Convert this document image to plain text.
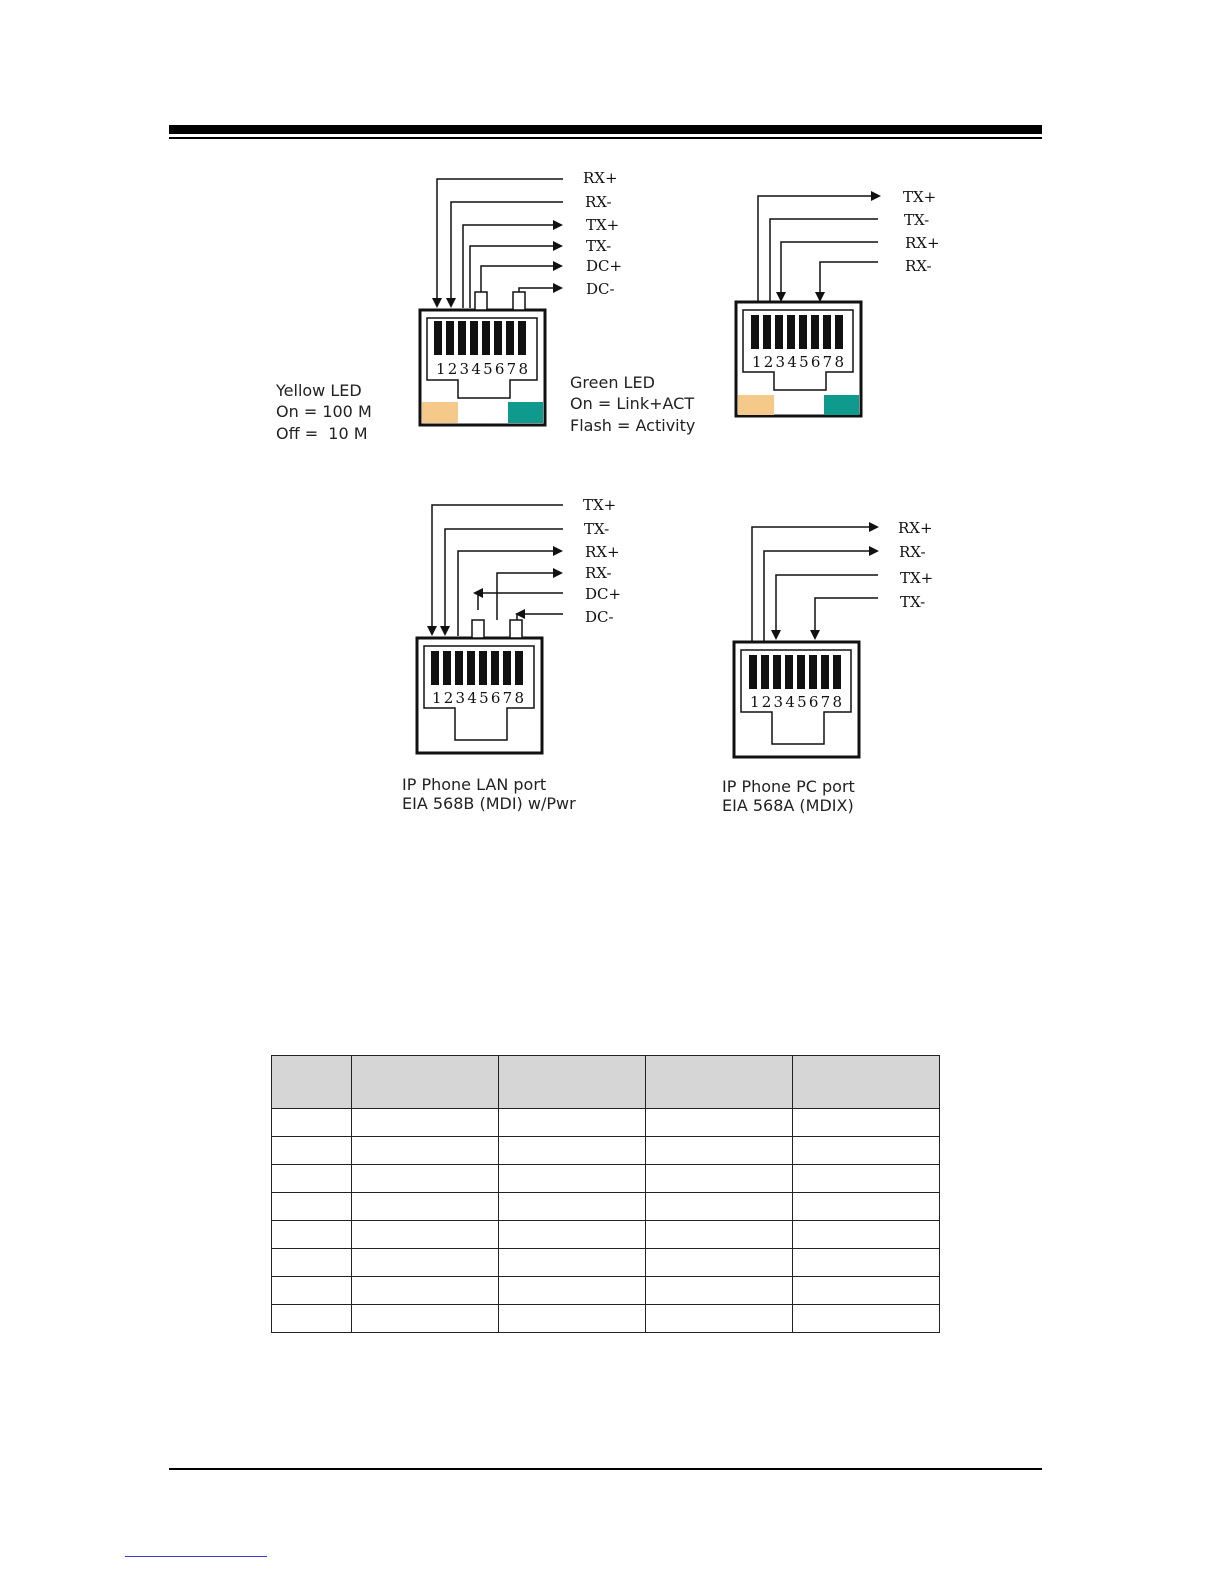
12345678
RX+
RX-
TX+
TX-
DC+
DC-
Yellow LED
On = 100 M
Off =  10 M
Green LED
On = Link+ACT
Flash = Activity
12345678
TX+
TX-
RX+
RX-
12345678
TX+
TX-
RX+
RX-
DC+
DC-
IP Phone LAN port
EIA 568B (MDI) w/Pwr
12345678
RX+
RX-
TX+
TX-
IP Phone PC port
EIA 568A (MDIX)
